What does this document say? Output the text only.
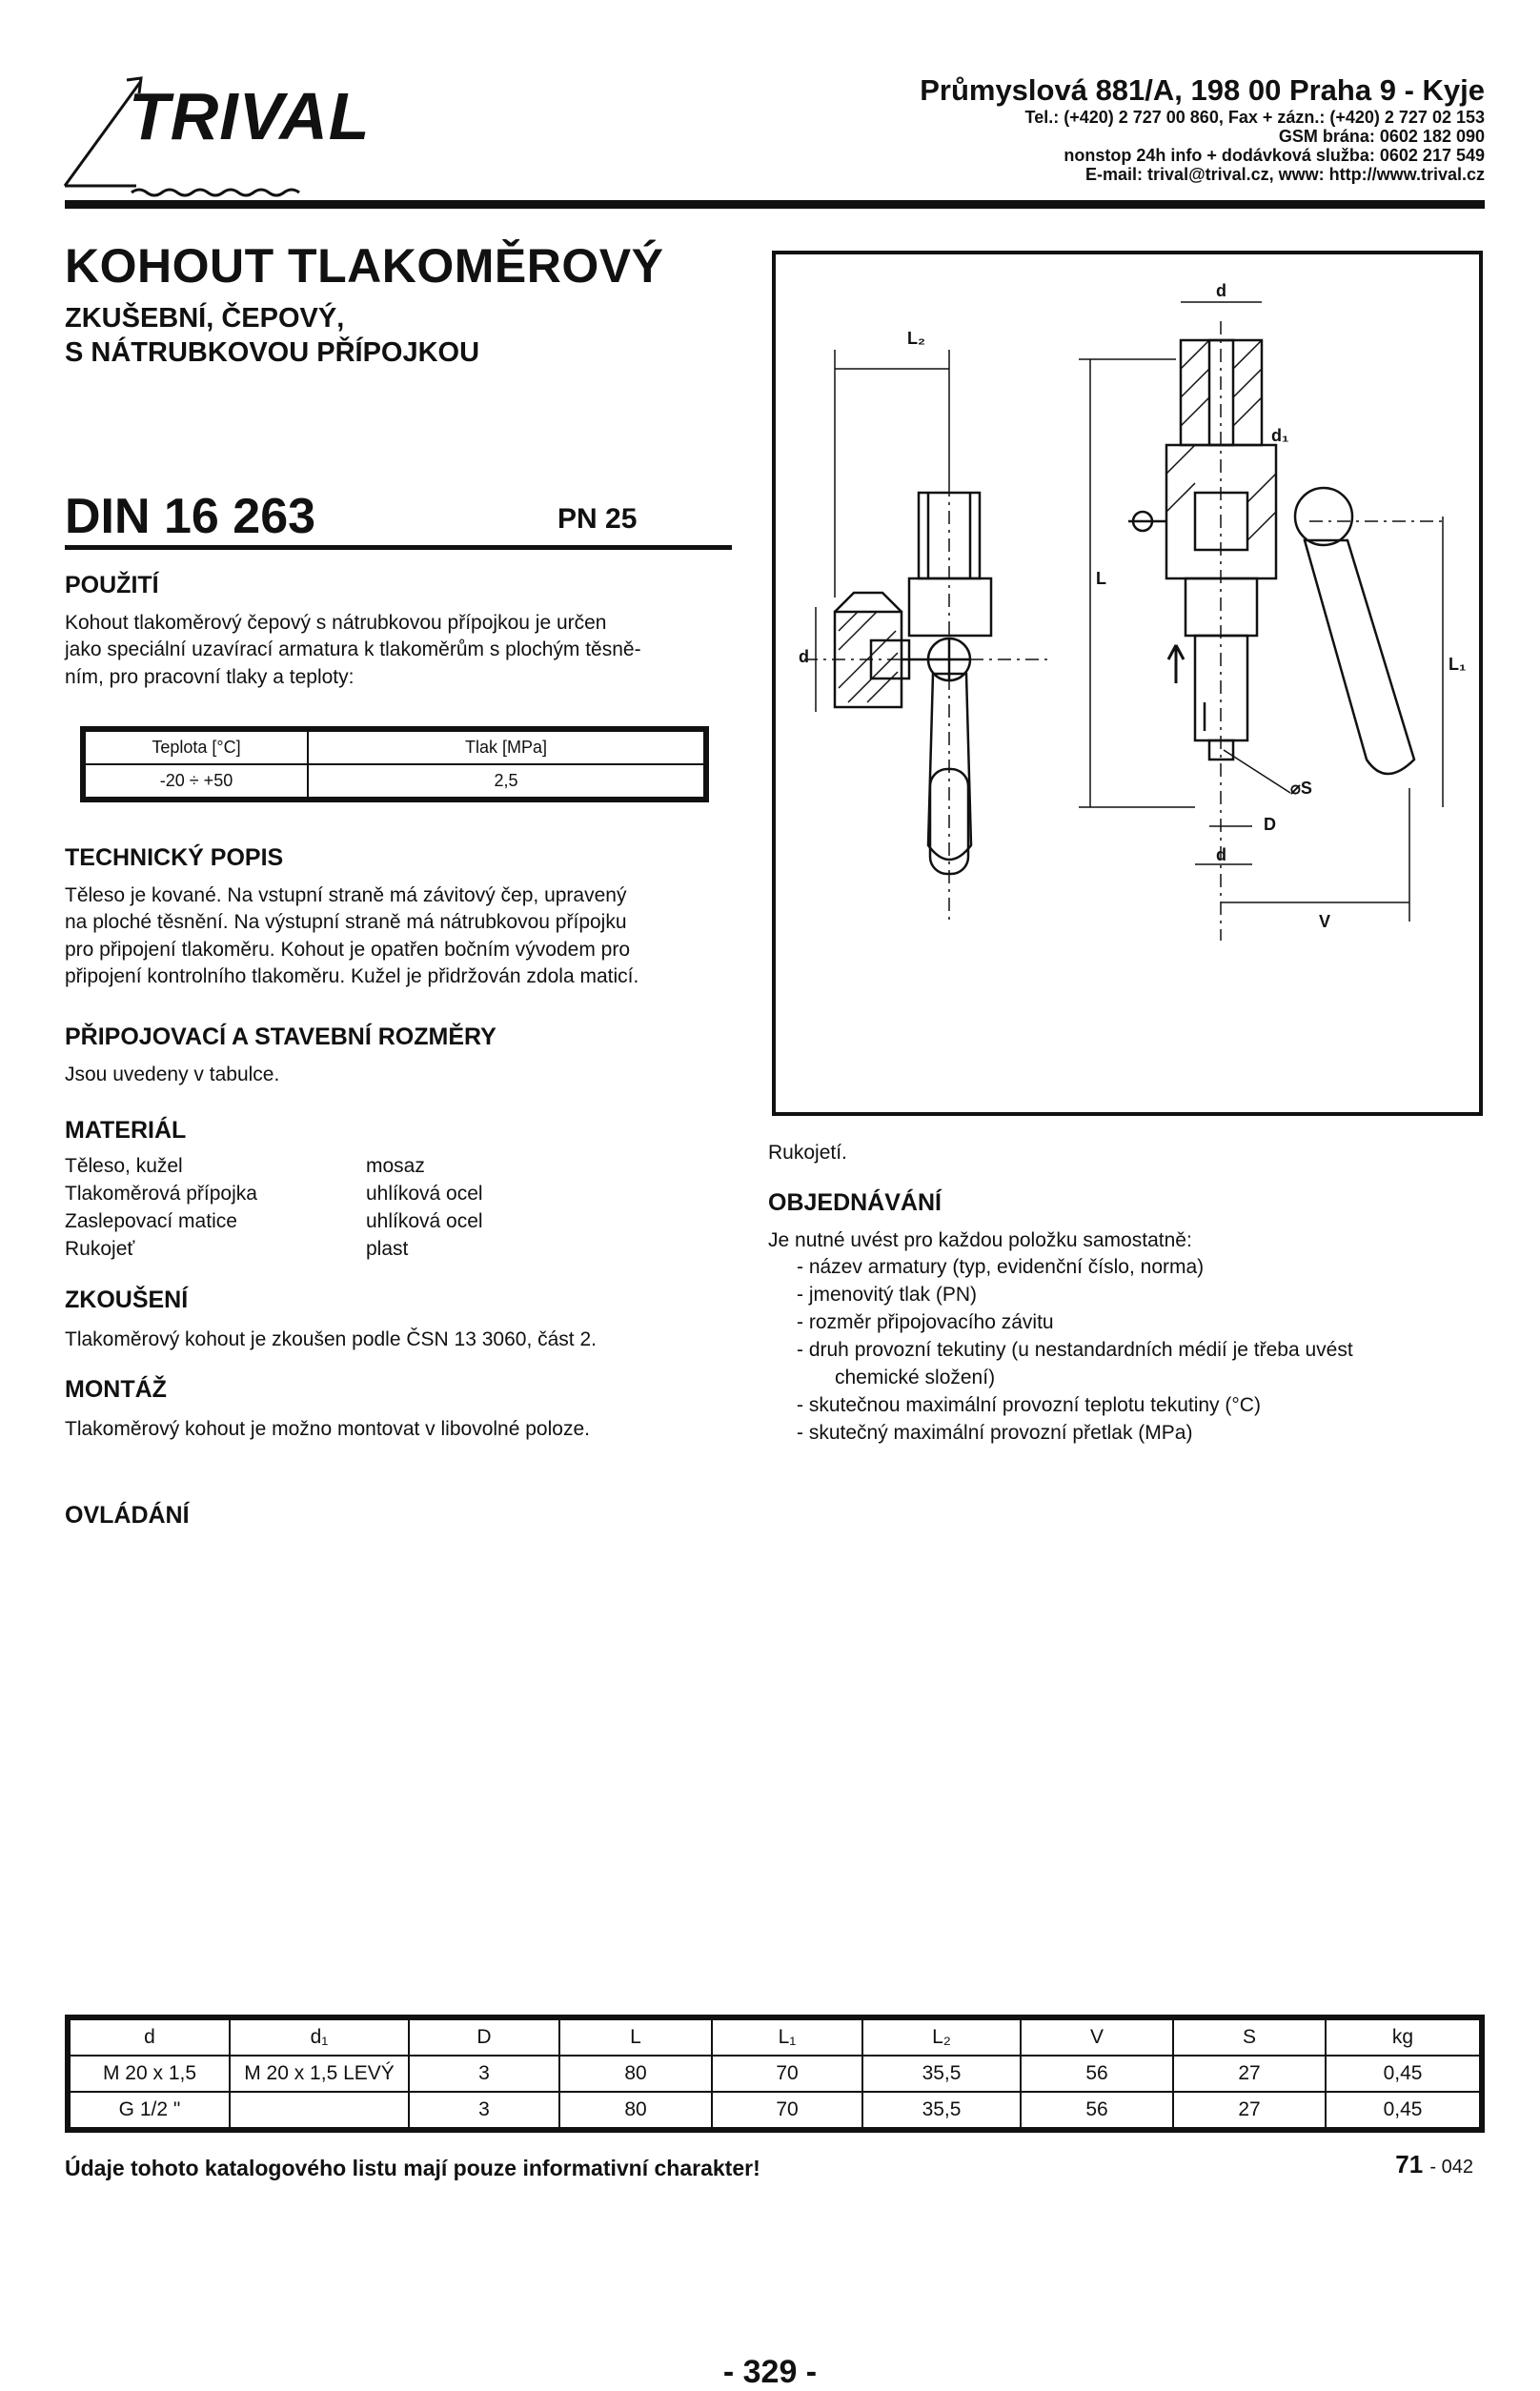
TRIVAL	Průmyslová 881/A, 198 00 Praha 9 - Kyje
Tel.: (+420) 2 727 00 860, Fax + zázn.: (+420) 2 727 02 153
GSM brána: 0602 182 090
nonstop 24h info + dodávková služba: 0602 217 549
E-mail: trival@trival.cz, www: http://www.trival.cz
KOHOUT TLAKOMĚROVÝ
ZKUŠEBNÍ, ČEPOVÝ,
S NÁTRUBKOVOU PŘÍPOJKOU
DIN 16 263	PN 25
POUŽITÍ
Kohout tlakoměrový čepový s nátrubkovou přípojkou je určen
jako speciální uzavírací armatura k tlakoměrům s plochým těsně-
ním, pro pracovní tlaky a teploty:
Teplota [°C]	Tlak [MPa]
-20 ÷ +50	2,5
TECHNICKÝ POPIS
Těleso je kované. Na vstupní straně má závitový čep, upravený
na ploché těsnění. Na výstupní straně má nátrubkovou přípojku
pro připojení tlakoměru. Kohout je opatřen bočním vývodem pro
připojení kontrolního tlakoměru. Kužel je přidržován zdola maticí.
PŘIPOJOVACÍ A STAVEBNÍ ROZMĚRY
Jsou uvedeny v tabulce.
MATERIÁL
Těleso, kužel	mosaz
Tlakoměrová přípojka	uhlíková ocel
Zaslepovací matice	uhlíková ocel
Rukojeť	plast
ZKOUŠENÍ
Tlakoměrový kohout je zkoušen podle ČSN 13 3060, část 2.
MONTÁŽ
Tlakoměrový kohout je možno montovat v libovolné poloze.
OVLÁDÁNÍ
Rukojetí.
L₂
d
d₁
d
L
L₁
⌀S
D
d
V
OBJEDNÁVÁNÍ
Je nutné uvést pro každou položku samostatně:
- název armatury (typ, evidenční číslo, norma)
- jmenovitý tlak (PN)
- rozměr připojovacího závitu
- druh provozní tekutiny (u nestandardních médií je třeba uvést
chemické složení)
- skutečnou maximální provozní teplotu tekutiny (°C)
- skutečný maximální provozní přetlak (MPa)
d	d₁	D	L	L₁	L₂	V	S	kg
M 20 x 1,5	M 20 x 1,5 LEVÝ	3	80	70	35,5	56	27	0,45
G 1/2 "		3	80	70	35,5	56	27	0,45
Údaje tohoto katalogového listu mají pouze informativní charakter!	71 - 042
- 329 -
